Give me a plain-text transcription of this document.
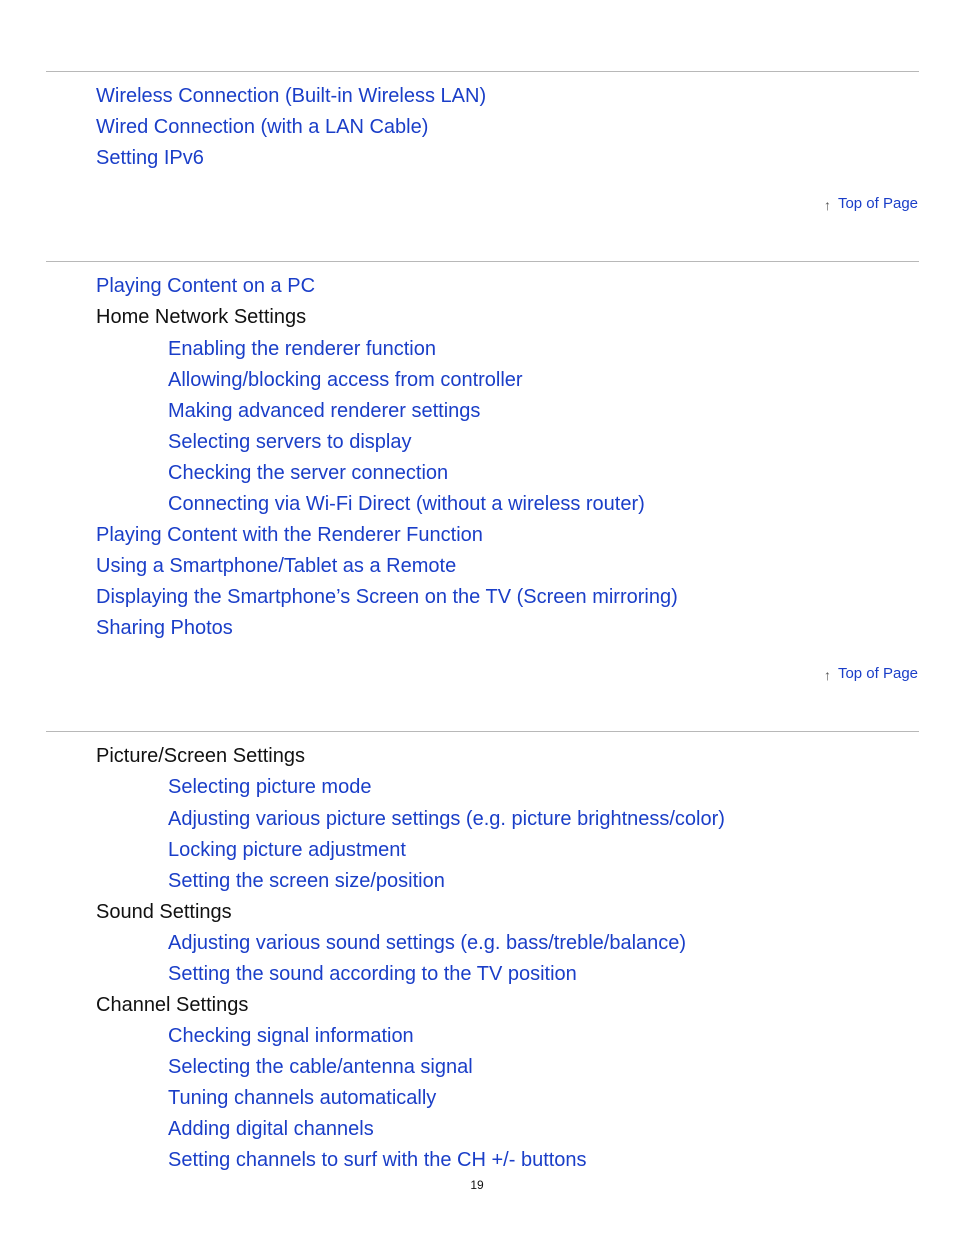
Wireless Connection (Built-in Wireless LAN)
Wired Connection (with a LAN Cable)
Setting IPv6
↑ Top of Page
Playing Content on a PC
Home Network Settings
Enabling the renderer function
Allowing/blocking access from controller
Making advanced renderer settings
Selecting servers to display
Checking the server connection
Connecting via Wi-Fi Direct (without a wireless router)
Playing Content with the Renderer Function
Using a Smartphone/Tablet as a Remote
Displaying the Smartphone’s Screen on the TV (Screen mirroring)
Sharing Photos
↑ Top of Page
Picture/Screen Settings
Selecting picture mode
Adjusting various picture settings (e.g. picture brightness/color)
Locking picture adjustment
Setting the screen size/position
Sound Settings
Adjusting various sound settings (e.g. bass/treble/balance)
Setting the sound according to the TV position
Channel Settings
Checking signal information
Selecting the cable/antenna signal
Tuning channels automatically
Adding digital channels
Setting channels to surf with the CH +/- buttons
19
